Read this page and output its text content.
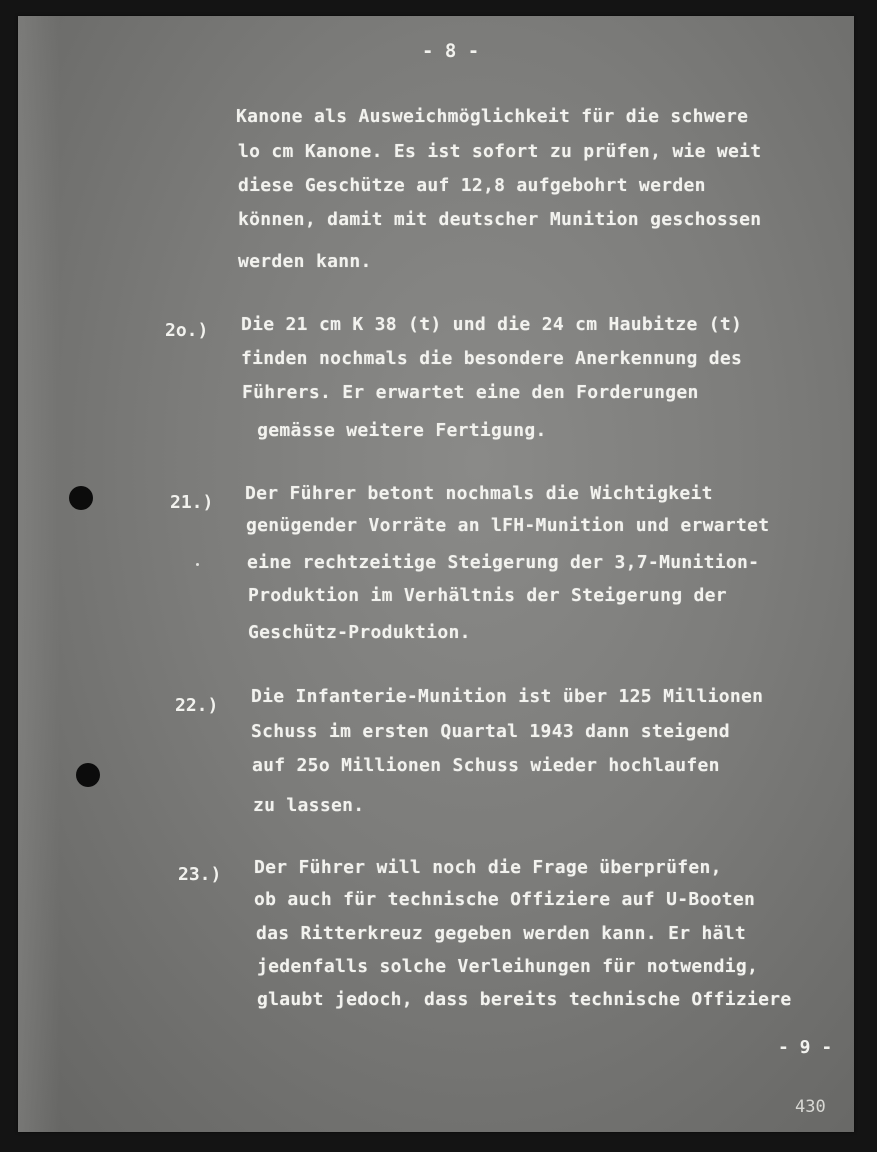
- 8 -
Kanone als Ausweichmöglichkeit für die schwere
lo cm Kanone. Es ist sofort zu prüfen, wie weit
diese Geschütze auf 12,8 aufgebohrt werden
können, damit mit deutscher Munition geschossen
werden kann.
2o.) Die 21 cm K 38 (t) und die 24 cm Haubitze (t)
finden nochmals die besondere Anerkennung des
Führers. Er erwartet eine den Forderungen
gemässe weitere Fertigung.
21.) Der Führer betont nochmals die Wichtigkeit
genügender Vorräte an lFH-Munition und erwartet
eine rechtzeitige Steigerung der 3,7-Munition-
Produktion im Verhältnis der Steigerung der
Geschütz-Produktion.
22.) Die Infanterie-Munition ist über 125 Millionen
Schuss im ersten Quartal 1943 dann steigend
auf 25o Millionen Schuss wieder hochlaufen
zu lassen.
23.) Der Führer will noch die Frage überprüfen,
ob auch für technische Offiziere auf U-Booten
das Ritterkreuz gegeben werden kann. Er hält
jedenfalls solche Verleihungen für notwendig,
glaubt jedoch, dass bereits technische Offiziere
- 9 -
430
